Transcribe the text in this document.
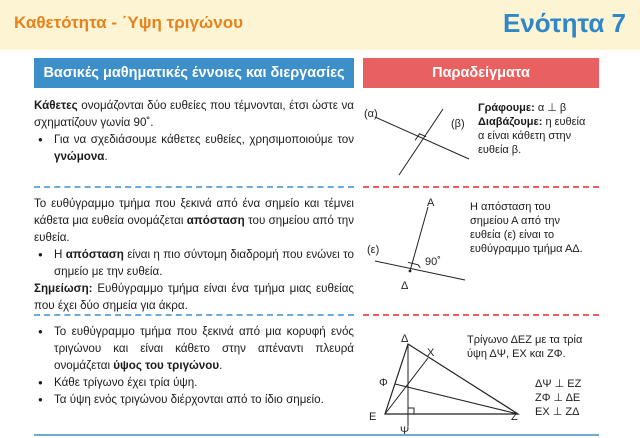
Καθετότητα - ΄Υψη τριγώνου	Ενότητα 7
Βασικές μαθηματικές έννοιες και διεργασίες	Παραδείγματα

Κάθετες ονομάζονται δύο ευθείες που τέμνονται, έτσι ώστε να σχηματίζουν γωνία 90˚.

● Για να σχεδιάσουμε κάθετες ευθείες, χρησιμοποιούμε τον γνώμονα.

(α)
(β)

Γράφουμε: α ⊥ β

Διαβάζουμε: η ευθεία α είναι κάθετη στην ευθεία β.

Το ευθύγραμμο τμήμα που ξεκινά από ένα σημείο και τέμνει κάθετα μια ευθεία ονομάζεται απόσταση του σημείου από την ευθεία.

● Η απόσταση είναι η πιο σύντομη διαδρομή που ενώνει το σημείο με την ευθεία.

Σημείωση: Ευθύγραμμο τμήμα είναι ένα τμήμα μιας ευθείας που έχει δύο σημεία για άκρα.

Α
(ε)
90˚
Δ

Η απόσταση του σημείου Α από την ευθεία (ε) είναι το ευθύγραμμο τμήμα ΑΔ.

● Το ευθύγραμμο τμήμα που ξεκινά από μια κορυφή ενός τριγώνου και είναι κάθετο στην απέναντι πλευρά ονομάζεται ύψος του τριγώνου.

● Κάθε τρίγωνο έχει τρία ύψη.

● Τα ύψη ενός τριγώνου διέρχονται από το ίδιο σημείο.

Δ
Χ
Φ
Ε	Ζ
Ψ

Τρίγωνο ΔΕΖ με τα τρία ύψη ΔΨ, ΕΧ και ΖΦ.

ΔΨ ⊥ ΕΖ

ΖΦ ⊥ ΔΕ

ΕΧ ⊥ ΖΔ
